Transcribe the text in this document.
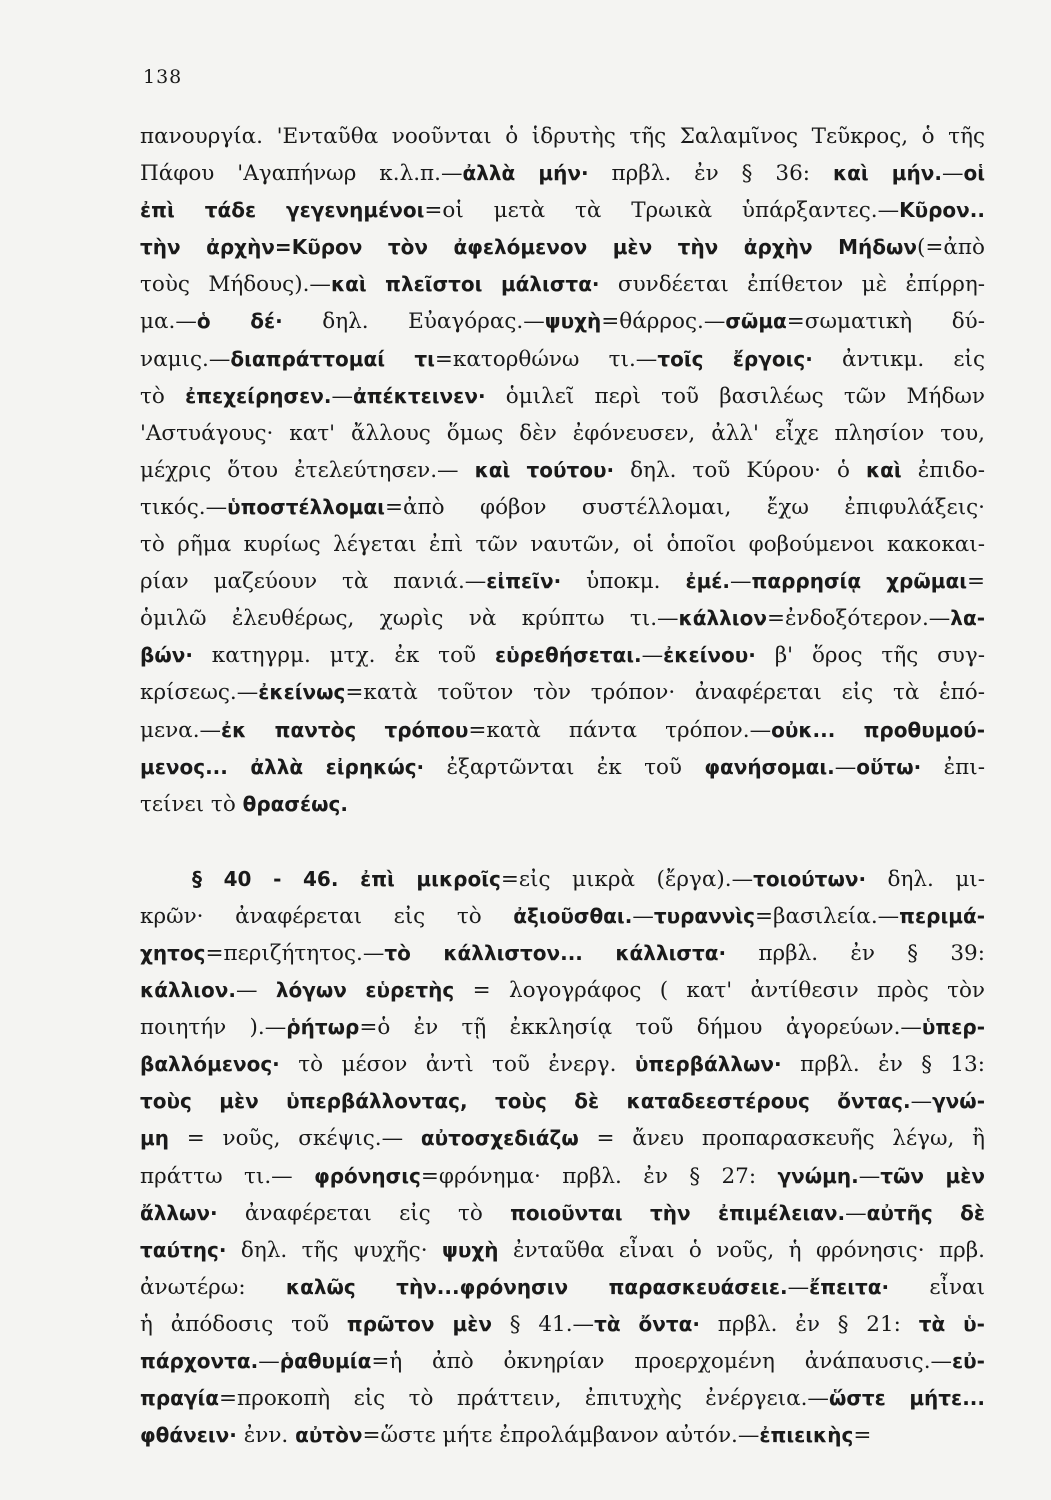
138
πανουργία. 'Ενταῦθα νοοῦνται ὁ ἱδρυτὴς τῆς Σαλαμῖνος Τεῦκρος, ὁ τῆς
Πάφου 'Αγαπήνωρ κ.λ.π.—ἀλλὰ μήν· πρβλ. ἐν § 36: καὶ μήν.—οἱ
ἐπὶ τάδε γεγενημένοι=οἱ μετὰ τὰ Τρωικὰ ὑπάρξαντες.—Κῦρον..
τὴν ἀρχὴν=Κῦρον τὸν ἀφελόμενον μὲν τὴν ἀρχὴν Μήδων(=ἀπὸ
τοὺς Μήδους).—καὶ πλεῖστοι μάλιστα· συνδέεται ἐπίθετον μὲ ἐπίρρη-
μα.—ὁ δέ· δηλ. Εὐαγόρας.—ψυχὴ=θάρρος.—σῶμα=σωματικὴ δύ-
ναμις.—διαπράττομαί τι=κατορθώνω τι.—τοῖς ἔργοις· ἀντικμ. εἰς
τὸ ἐπεχείρησεν.—ἀπέκτεινεν· ὁμιλεῖ περὶ τοῦ βασιλέως τῶν Μήδων
'Αστυάγους· κατ' ἄλλους ὅμως δὲν ἐφόνευσεν, ἀλλ' εἶχε πλησίον του,
μέχρις ὅτου ἐτελεύτησεν.— καὶ τούτου· δηλ. τοῦ Κύρου· ὁ καὶ ἐπιδο-
τικός.—ὑποστέλλομαι=ἀπὸ φόβον συστέλλομαι, ἔχω ἐπιφυλάξεις·
τὸ ρῆμα κυρίως λέγεται ἐπὶ τῶν ναυτῶν, οἱ ὁποῖοι φοβούμενοι κακοκαι-
ρίαν μαζεύουν τὰ πανιά.—εἰπεῖν· ὑποκμ. ἐμέ.—παρρησίᾳ χρῶμαι=
ὁμιλῶ ἐλευθέρως, χωρὶς νὰ κρύπτω τι.—κάλλιον=ἐνδοξότερον.—λα-
βών· κατηγρμ. μτχ. ἐκ τοῦ εὑρεθήσεται.—ἐκείνου· β' ὅρος τῆς συγ-
κρίσεως.—ἐκείνως=κατὰ τοῦτον τὸν τρόπον· ἀναφέρεται εἰς τὰ ἑπό-
μενα.—ἐκ παντὸς τρόπου=κατὰ πάντα τρόπον.—οὐκ... προθυμού-
μενος... ἀλλὰ εἰρηκώς· ἐξαρτῶνται ἐκ τοῦ φανήσομαι.—οὕτω· ἐπι-
τείνει τὸ θρασέως.
§ 40 - 46. ἐπὶ μικροῖς=εἰς μικρὰ (ἔργα).—τοιούτων· δηλ. μι-
κρῶν· ἀναφέρεται εἰς τὸ ἀξιοῦσθαι.—τυραννὶς=βασιλεία.—περιμά-
χητος=περιζήτητος.—τὸ κάλλιστον... κάλλιστα· πρβλ. ἐν § 39:
κάλλιον.— λόγων εὑρετὴς = λογογράφος ( κατ' ἀντίθεσιν πρὸς τὸν
ποιητήν ).—ῥήτωρ=ὁ ἐν τῇ ἐκκλησίᾳ τοῦ δήμου ἀγορεύων.—ὑπερ-
βαλλόμενος· τὸ μέσον ἀντὶ τοῦ ἐνεργ. ὑπερβάλλων· πρβλ. ἐν § 13:
τοὺς μὲν ὑπερβάλλοντας, τοὺς δὲ καταδεεστέρους ὄντας.—γνώ-
μη = νοῦς, σκέψις.— αὐτοσχεδιάζω = ἄνευ προπαρασκευῆς λέγω, ἢ
πράττω τι.— φρόνησις=φρόνημα· πρβλ. ἐν § 27: γνώμη.—τῶν μὲν
ἄλλων· ἀναφέρεται εἰς τὸ ποιοῦνται τὴν ἐπιμέλειαν.—αὐτῆς δὲ
ταύτης· δηλ. τῆς ψυχῆς· ψυχὴ ἐνταῦθα εἶναι ὁ νοῦς, ἡ φρόνησις· πρβ.
ἀνωτέρω: καλῶς τὴν...φρόνησιν παρασκευάσειε.—ἔπειτα· εἶναι
ἡ ἀπόδοσις τοῦ πρῶτον μὲν § 41.—τὰ ὄντα· πρβλ. ἐν § 21: τὰ ὑ-
πάρχοντα.—ῥαθυμία=ἡ ἀπὸ ὀκνηρίαν προερχομένη ἀνάπαυσις.—εὐ-
πραγία=προκοπὴ εἰς τὸ πράττειν, ἐπιτυχὴς ἐνέργεια.—ὥστε μήτε...
φθάνειν· ἐνν. αὐτὸν=ὥστε μήτε ἐπρολάμβανον αὐτόν.—ἐπιεικὴς=
